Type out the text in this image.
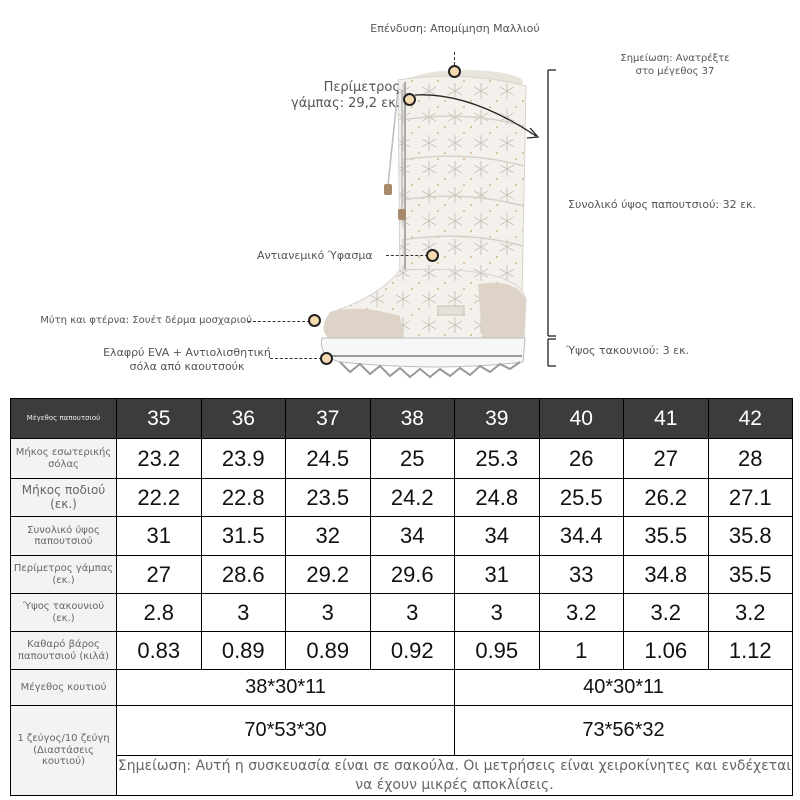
Επένδυση: Απομίμηση Μαλλιού
Σημείωση: Ανατρέξτε στο μέγεθος 37
Περίμετρος γάμπας: 29,2 εκ.
Συνολικό ύψος παπουτσιού: 32 εκ.
Αντιανεμικό Ύφασμα
Μύτη και φτέρνα: Σουέτ δέρμα μοσχαριού
Ύψος τακουνιού: 3 εκ.
Ελαφρύ EVA + Αντιολισθητική σόλα από καουτσούκ
Μέγεθος παπουτσιού	35	36	37	38	39	40	41	42
Μήκος εσωτερικής σόλας	23.2	23.9	24.5	25	25.3	26	27	28
Μήκος ποδιού (εκ.)	22.2	22.8	23.5	24.2	24.8	25.5	26.2	27.1
Συνολικό ύψος παπουτσιού	31	31.5	32	34	34	34.4	35.5	35.8
Περίμετρος γάμπας (εκ.)	27	28.6	29.2	29.6	31	33	34.8	35.5
Ύψος τακουνιού (εκ.)	2.8	3	3	3	3	3.2	3.2	3.2
Καθαρό βάρος παπουτσιού (κιλά)	0.83	0.89	0.89	0.92	0.95	1	1.06	1.12
Μέγεθος κουτιού	38*30*11				40*30*11			
1 ζεύγος/10 ζεύγη (Διαστάσεις κουτιού)	70*53*30				73*56*32			
	Σημείωση: Αυτή η συσκευασία είναι σε σακούλα. Οι μετρήσεις είναι χειροκίνητες και ενδέχεται να έχουν μικρές αποκλίσεις.							
